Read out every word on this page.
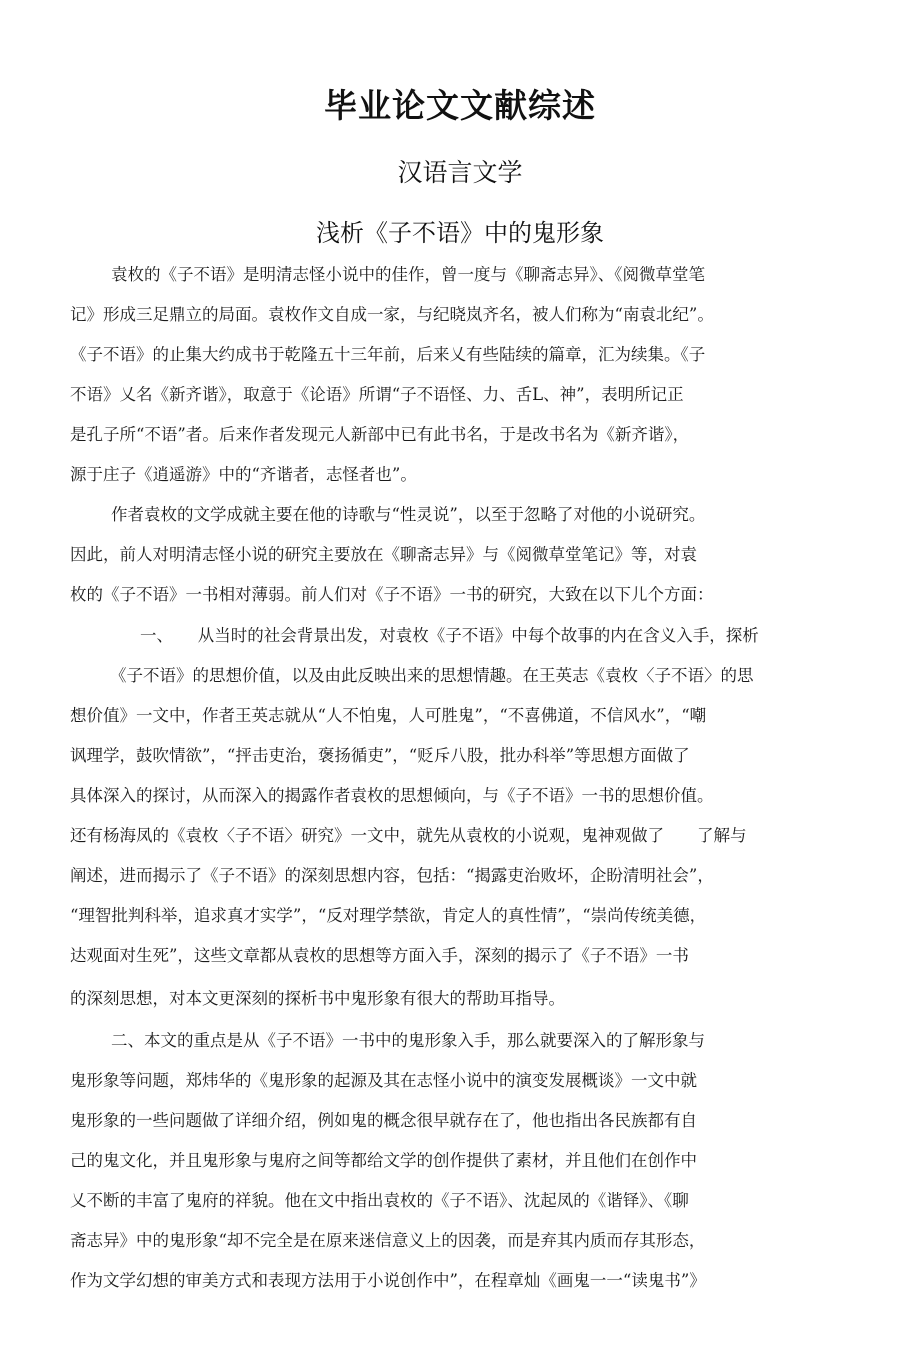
毕业论文文献综述
汉语言文学
浅析《子不语》中的鬼形象
袁枚的《子不语》是明清志怪小说中的佳作，曾一度与《聊斋志异》、《阅微草堂笔
记》形成三足鼎立的局面。袁枚作文自成一家，与纪晓岚齐名，被人们称为“南袁北纪”。
《子不语》的止集大约成书于乾隆五十三年前，后来乂有些陆续的篇章，汇为续集。《子
不语》乂名《新齐谐》，取意于《论语》所谓“子不语怪、力、舌L、神”，表明所记正
是孔子所“不语”者。后来作者发现元人新部中已有此书名，于是改书名为《新齐谐》，
源于庄子《逍遥游》中的“齐谐者，志怪者也”。
作者袁枚的文学成就主要在他的诗歌与“性灵说”，以至于忽略了对他的小说研究。
因此，前人对明清志怪小说的研究主要放在《聊斋志异》与《阅微草堂笔记》等，对袁
枚的《子不语》一书相对薄弱。前人们对《子不语》一书的研究，大致在以下儿个方面：
一、　　从当时的社会背景出发，对袁枚《子不语》中每个故事的内在含义入手，探析
《子不语》的思想价值，以及由此反映出来的思想情趣。在王英志《袁枚〈子不语〉的思
想价值》一文中，作者王英志就从“人不怕鬼，人可胜鬼”，“不喜佛道，不信风水”，“嘲
讽理学，鼓吹情欲”，“抨击吏治，褒扬循吏”，“贬斥八股，批办科举”等思想方面做了
具体深入的探讨，从而深入的揭露作者袁枚的思想倾向，与《子不语》一书的思想价值。
还有杨海凤的《袁枚〈子不语〉研究》一文中，就先从袁枚的小说观，鬼神观做了　　了解与
阐述，进而揭示了《子不语》的深刻思想内容，包括：“揭露吏治败坏，企盼清明社会”，
“理智批判科举，追求真才实学”，“反对理学禁欲，肯定人的真性情”，“崇尚传统美德，
达观面对生死”，这些文章都从袁枚的思想等方面入手，深刻的揭示了《子不语》一书
的深刻思想，对本文更深刻的探析书中鬼形象有很大的帮助耳指导。
二、本文的重点是从《子不语》一书中的鬼形象入手，那么就要深入的了解形象与
鬼形象等问题，郑炜华的《鬼形象的起源及其在志怪小说中的演变发展概谈》一文中就
鬼形象的一些问题做了详细介绍，例如鬼的概念很早就存在了，他也指出各民族都有自
己的鬼文化，并且鬼形象与鬼府之间等都给文学的创作提供了素材，并且他们在创作中
乂不断的丰富了鬼府的祥貌。他在文中指出袁枚的《子不语》、沈起凤的《谐铎》、《聊
斋志异》中的鬼形象“却不完全是在原来迷信意义上的因袭，而是弃其内质而存其形态，
作为文学幻想的审美方式和表现方法用于小说创作中”，在程章灿《画鬼一一“读鬼书”》
